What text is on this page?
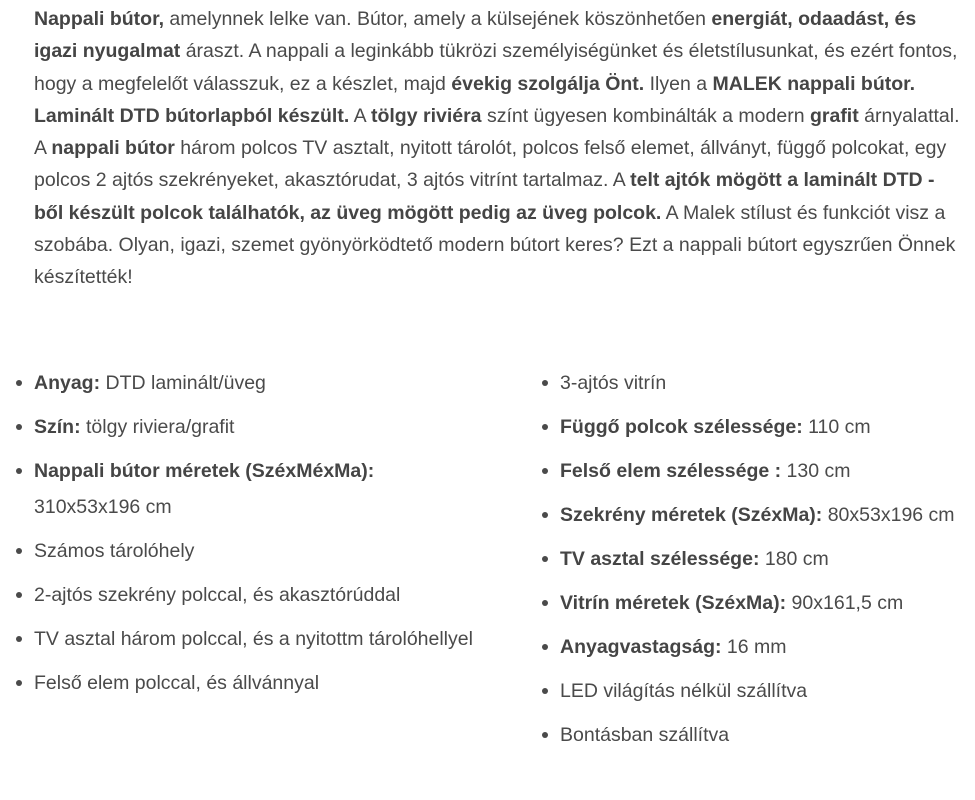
Nappali bútor, amelynnek lelke van. Bútor, amely a külsejének köszönhetően energiát, odaadást, és igazi nyugalmat áraszt. A nappali a leginkább tükrözi személyiségünket és életstílusunkat, és ezért fontos, hogy a megfelelőt válasszuk, ez a készlet, majd évekig szolgálja Önt. Ilyen a MALEK nappali bútor. Laminált DTD bútorlapból készült. A tölgy riviéra színt ügyesen kombinálták a modern grafit árnyalattal. A nappali bútor három polcos TV asztalt, nyitott tárolót, polcos felső elemet, állványt, függő polcokat, egy polcos 2 ajtós szekrényeket, akasztórudat, 3 ajtós vitrínt tartalmaz. A telt ajtók mögött a laminált DTD - ből készült polcok találhatók, az üveg mögött pedig az üveg polcok. A Malek stílust és funkciót visz a szobába. Olyan, igazi, szemet gyönyörködtető modern bútort keres? Ezt a nappali bútort egyszrűen Önnek készítették!

Anyag: DTD laminált/üveg
Szín: tölgy riviera/grafit
Nappali bútor méretek (SzéxMéxMa): 310x53x196 cm
Számos tárolóhely
2-ajtós szekrény polccal, és akasztórúddal
TV asztal három polccal, és a nyitottm tárolóhellyel
Felső elem polccal, és állvánnyal
3-ajtós vitrín
Függő polcok szélessége: 110 cm
Felső elem szélessége : 130 cm
Szekrény méretek (SzéxMa): 80x53x196 cm
TV asztal szélessége: 180 cm
Vitrín méretek (SzéxMa): 90x161,5 cm
Anyagvastagság: 16 mm
LED világítás nélkül szállítva
Bontásban szállítva
